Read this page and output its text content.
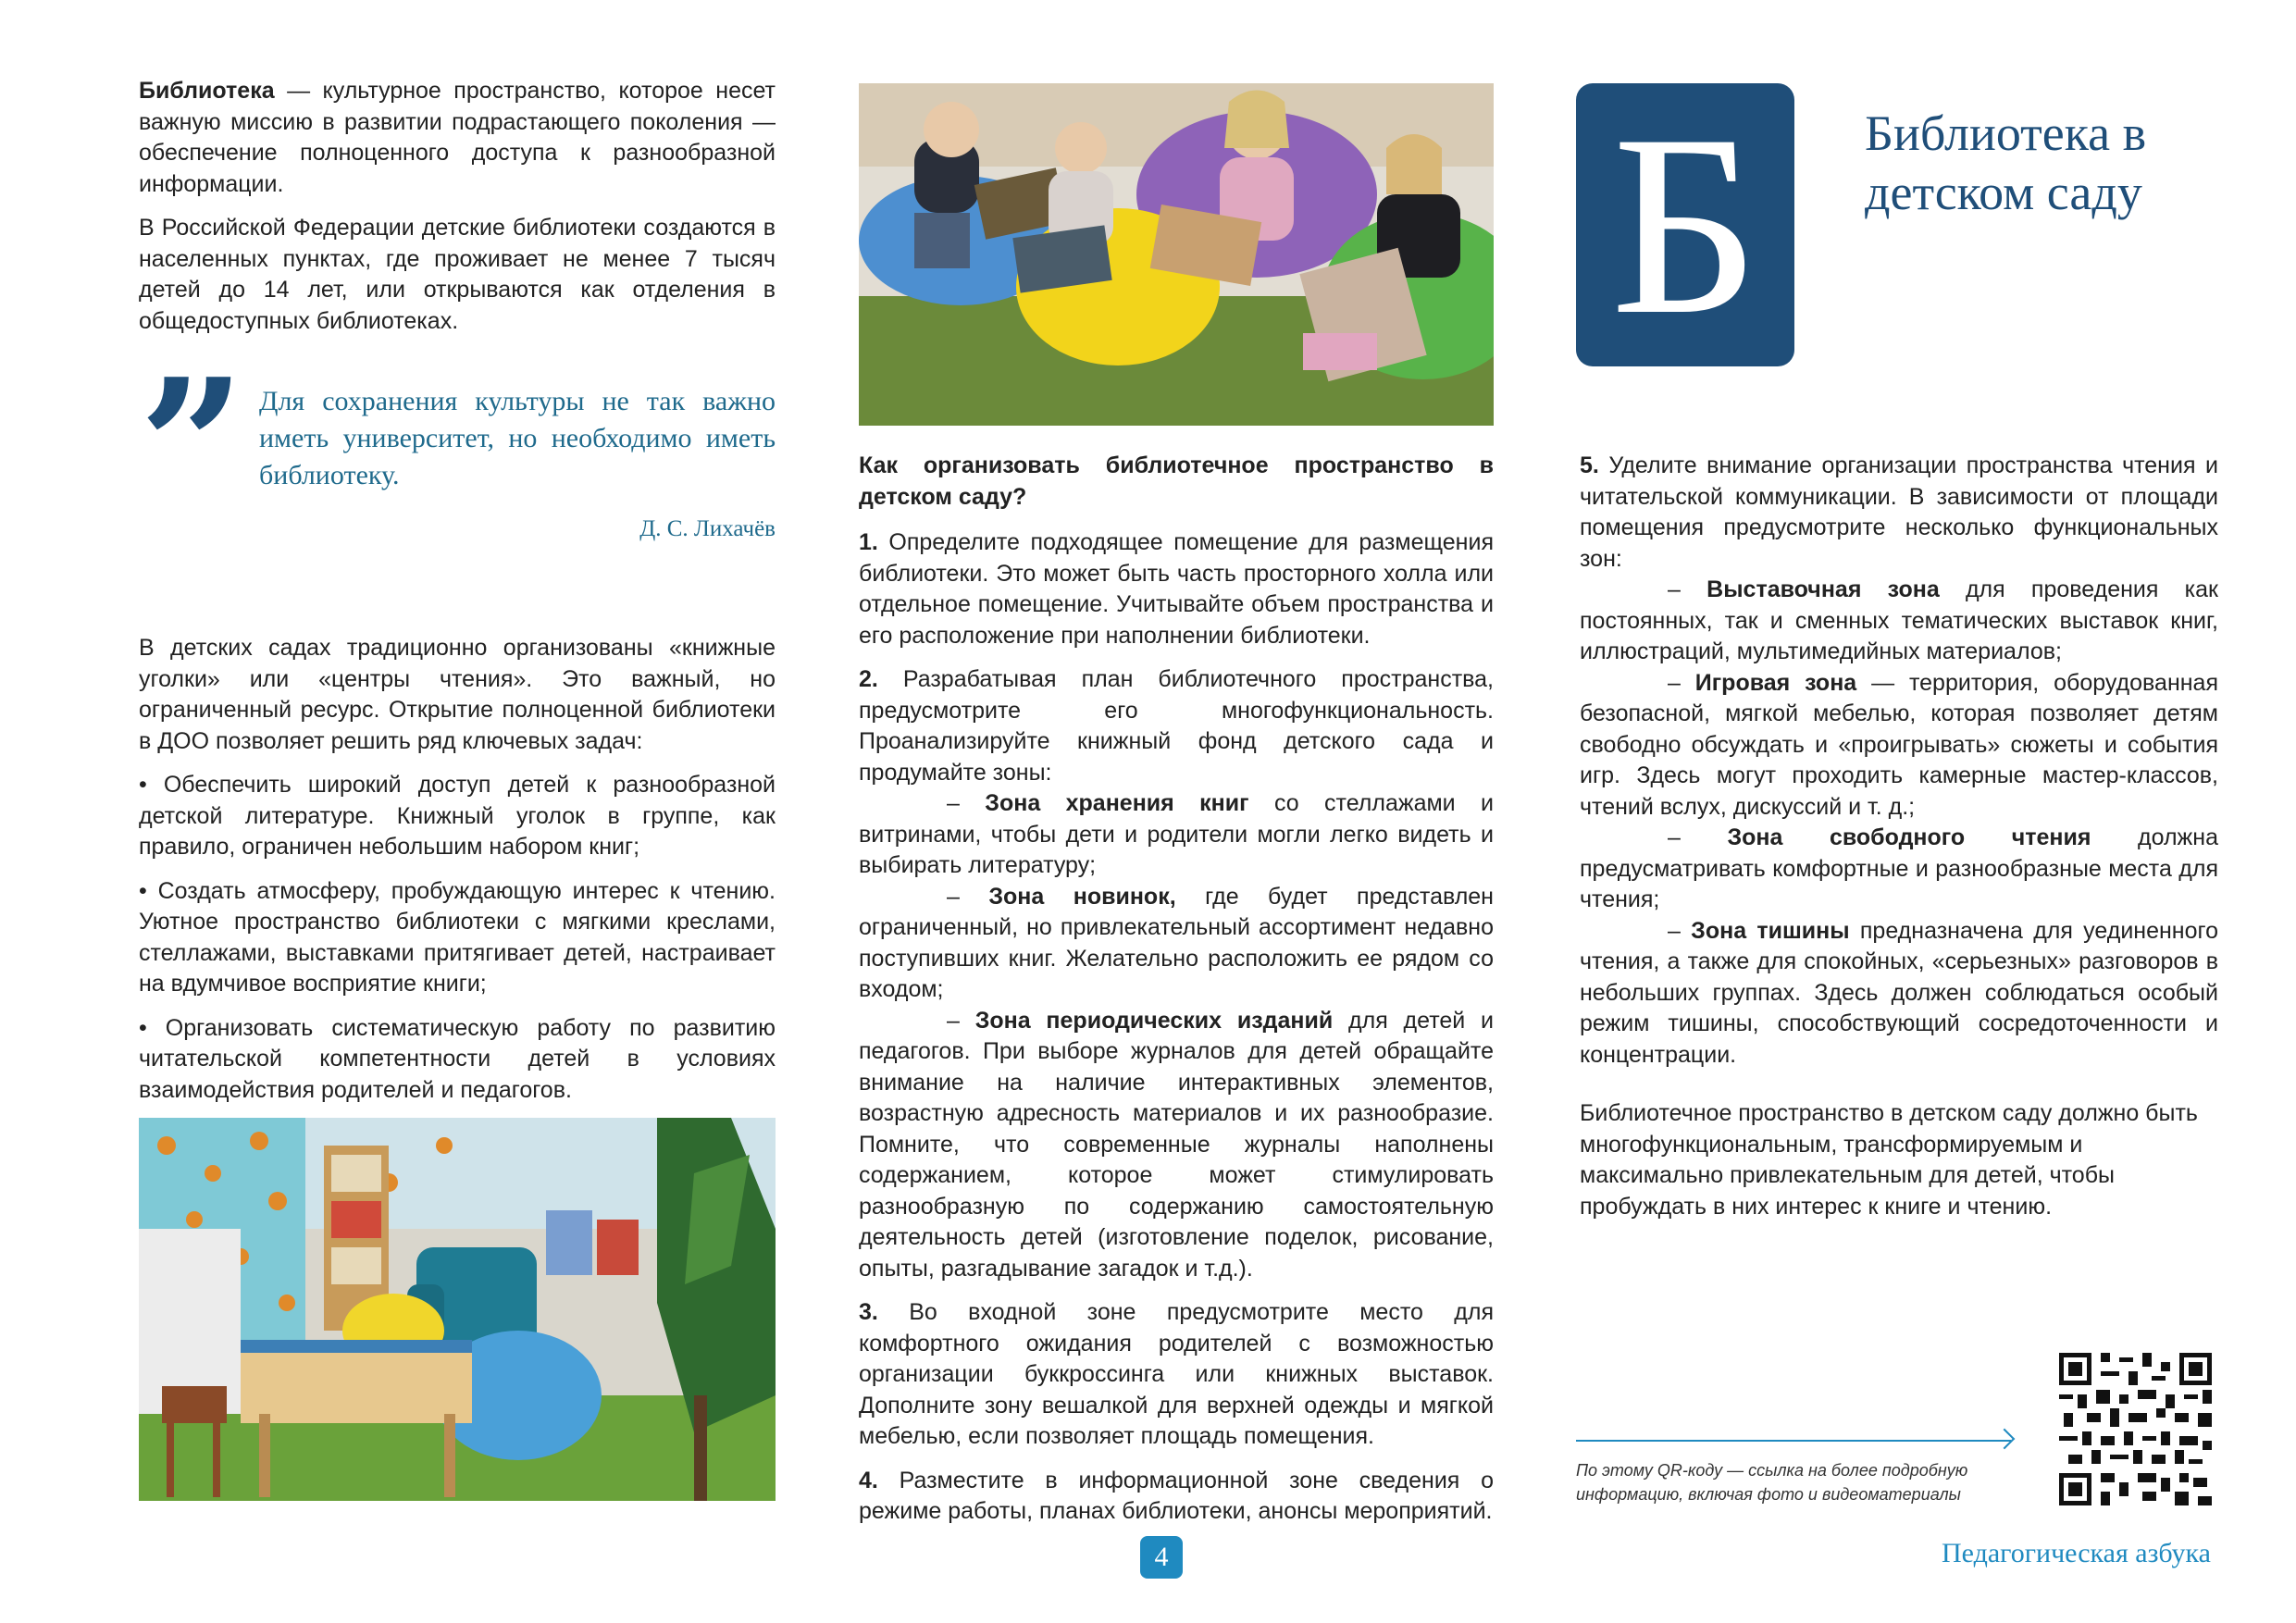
Библиотека — культурное пространство, которое несет важную миссию в развитии подрастающего поколения — обеспечение полноценного доступа к разнообразной информации.

В Российской Федерации детские библиотеки создаются в населенных пунктах, где проживает не менее 7 тысяч детей до 14 лет, или открываются как отделения в общедоступных библиотеках.

” Для сохранения культуры не так важно иметь университет, но необходимо иметь библиотеку.
Д. С. Лихачёв

В детских садах традиционно организованы «книжные уголки» или «центры чтения». Это важный, но ограниченный ресурс. Открытие полноценной библиотеки в ДОО позволяет решить ряд ключевых задач:

• Обеспечить широкий доступ детей к разнообразной детской литературе. Книжный уголок в группе, как правило, ограничен небольшим набором книг;

• Создать атмосферу, пробуждающую интерес к чтению. Уютное пространство библиотеки с мягкими креслами, стеллажами, выставками притягивает детей, настраивает на вдумчивое восприятие книги;

• Организовать систематическую работу по развитию читательской компетентности детей в условиях взаимодействия родителей и педагогов.

Как организовать библиотечное пространство в детском саду?

1. Определите подходящее помещение для размещения библиотеки. Это может быть часть просторного холла или отдельное помещение. Учитывайте объем пространства и его расположение при наполнении библиотеки.

2. Разрабатывая план библиотечного пространства, предусмотрите его многофункциональность. Проанализируйте книжный фонд детского сада и продумайте зоны:

– Зона хранения книг со стеллажами и витринами, чтобы дети и родители могли легко видеть и выбирать литературу;

– Зона новинок, где будет представлен ограниченный, но привлекательный ассортимент недавно поступивших книг. Желательно расположить ее рядом со входом;

– Зона периодических изданий для детей и педагогов. При выборе журналов для детей обращайте внимание на наличие интерактивных элементов, возрастную адресность материалов и их разнообразие. Помните, что современные журналы наполнены содержанием, которое может стимулировать разнообразную по содержанию самостоятельную деятельность детей (изготовление поделок, рисование, опыты, разгадывание загадок и т.д.).

3. Во входной зоне предусмотрите место для комфортного ожидания родителей с возможностью организации буккроссинга или книжных выставок. Дополните зону вешалкой для верхней одежды и мягкой мебелью, если позволяет площадь помещения.

4. Разместите в информационной зоне сведения о режиме работы, планах библиотеки, анонсы мероприятий.

Б	Библиотека в детском саду

5. Уделите внимание организации пространства чтения и читательской коммуникации. В зависимости от площади помещения предусмотрите несколько функциональных зон:

– Выставочная зона для проведения как постоянных, так и сменных тематических выставок книг, иллюстраций, мультимедийных материалов;

– Игровая зона — территория, оборудованная безопасной, мягкой мебелью, которая позволяет детям свободно обсуждать и «проигрывать» сюжеты и события игр. Здесь могут проходить камерные мастер-классов, чтений вслух, дискуссий и т. д.;

– Зона свободного чтения должна предусматривать комфортные и разнообразные места для чтения;

– Зона тишины предназначена для уединенного чтения, а также для спокойных, «серьезных» разговоров в небольших группах. Здесь должен соблюдаться особый режим тишины, способствующий сосредоточенности и концентрации.

Библиотечное пространство в детском саду должно быть многофункциональным, трансформируемым и максимально привлекательным для детей, чтобы пробуждать в них интерес к книге и чтению.

По этому QR-коду — ссылка на более подробную информацию, включая фото и видеоматериалы
4	Педагогическая азбука
